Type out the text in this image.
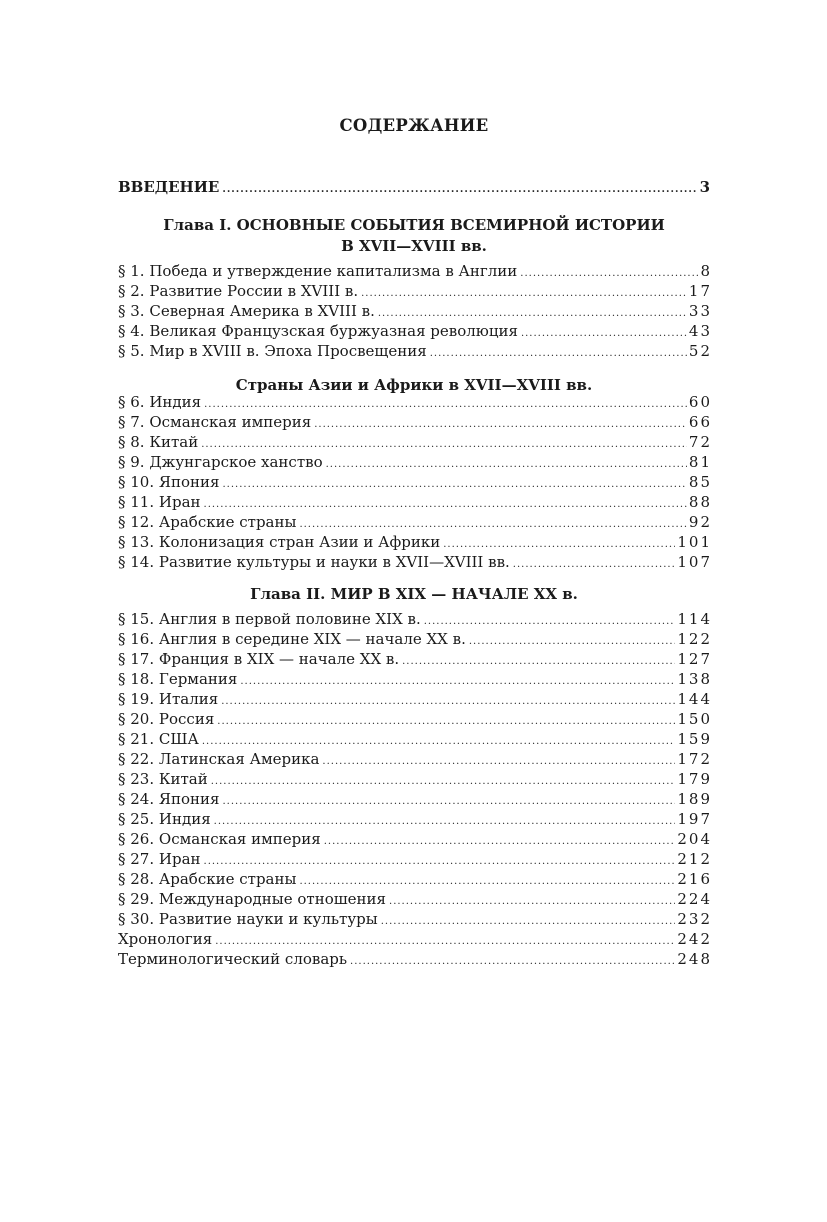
СОДЕРЖАНИЕ
ВВЕДЕНИЕ .....	3
Глава I. ОСНОВНЫЕ СОБЫТИЯ ВСЕМИРНОЙ ИСТОРИИ
В XVII—XVIII вв.
§ 1. Победа и утверждение капитализма в Англии .....	8
§ 2. Развитие России в XVIII в. .....	17
§ 3. Северная Америка в XVIII в. .....	33
§ 4. Великая Французская буржуазная революция .....	43
§ 5. Мир в XVIII в. Эпоха Просвещения .....	52
Страны Азии и Африки в XVII—XVIII вв.
§ 6. Индия .....	60
§ 7. Османская империя .....	66
§ 8. Китай .....	72
§ 9. Джунгарское ханство .....	81
§ 10. Япония .....	85
§ 11. Иран .....	88
§ 12. Арабские страны .....	92
§ 13. Колонизация стран Азии и Африки .....	101
§ 14. Развитие культуры и науки в XVII—XVIII вв. .....	107
Глава II. МИР В XIX — НАЧАЛЕ XX в.
§ 15. Англия в первой половине XIX в. .....	114
§ 16. Англия в середине XIX — начале XX в. .....	122
§ 17. Франция в XIX — начале XX в. .....	127
§ 18. Германия .....	138
§ 19. Италия .....	144
§ 20. Россия .....	150
§ 21. США .....	159
§ 22. Латинская Америка .....	172
§ 23. Китай .....	179
§ 24. Япония .....	189
§ 25. Индия .....	197
§ 26. Османская империя .....	204
§ 27. Иран .....	212
§ 28. Арабские страны .....	216
§ 29. Международные отношения .....	224
§ 30. Развитие науки и культуры .....	232
Хронология .....	242
Терминологический словарь .....	248
